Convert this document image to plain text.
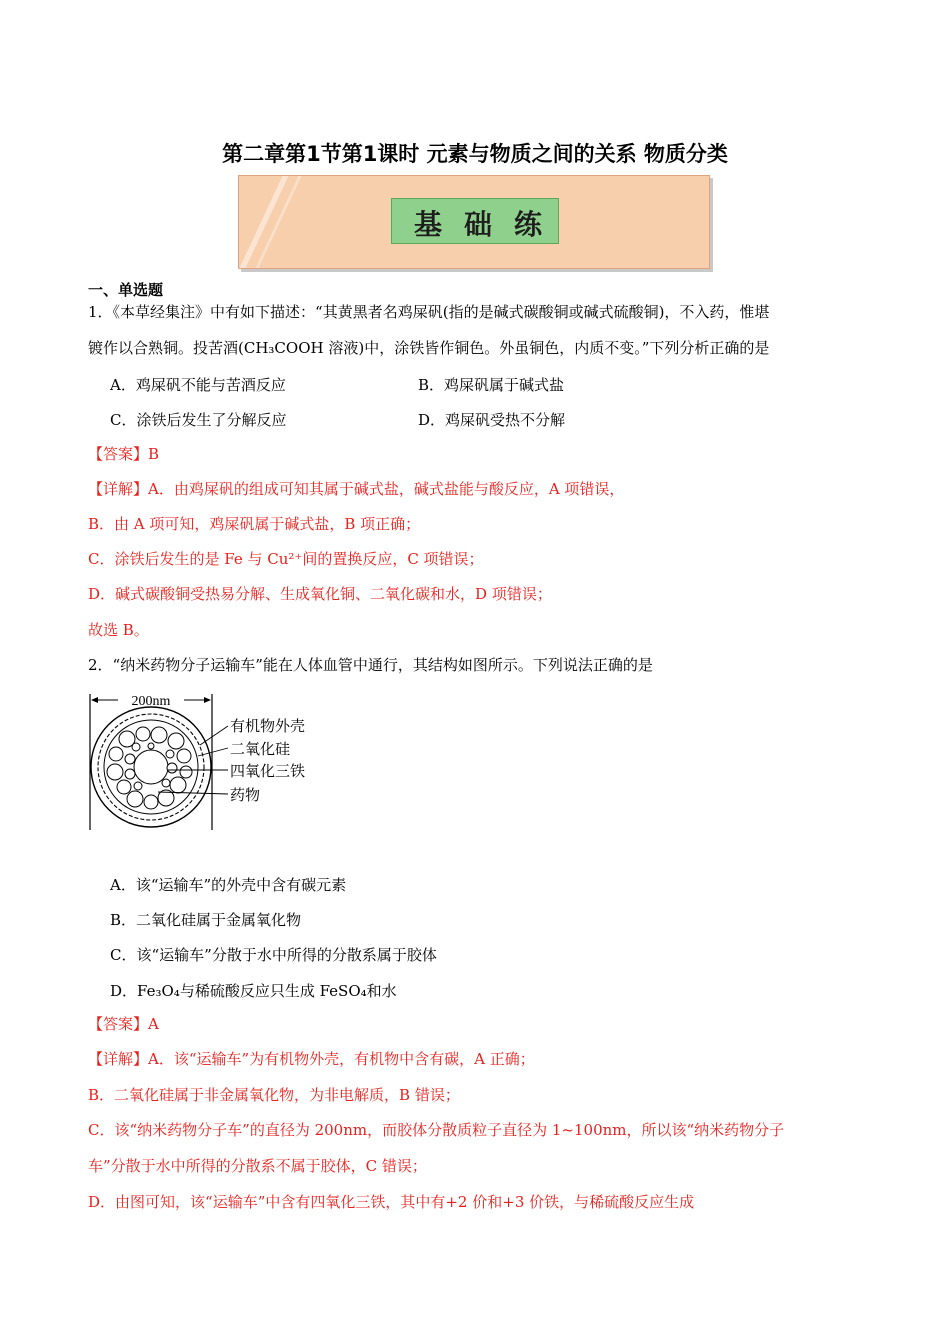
第二章第1节第1课时 元素与物质之间的关系 物质分类
基础练
一、单选题
1．《本草经集注》中有如下描述：“其黄黑者名鸡屎矾(指的是碱式碳酸铜或碱式硫酸铜)，不入药，惟堪
镀作以合熟铜。投苦酒(CH₃COOH 溶液)中，涂铁皆作铜色。外虽铜色，内质不变。”下列分析正确的是
A．鸡屎矾不能与苦酒反应	B．鸡屎矾属于碱式盐
C．涂铁后发生了分解反应	D．鸡屎矾受热不分解
【答案】B
【详解】A．由鸡屎矾的组成可知其属于碱式盐，碱式盐能与酸反应，A 项错误，
B．由 A 项可知，鸡屎矾属于碱式盐，B 项正确；
C．涂铁后发生的是 Fe 与 Cu²⁺间的置换反应，C 项错误；
D．碱式碳酸铜受热易分解、生成氧化铜、二氧化碳和水，D 项错误；
故选 B。
2．“纳米药物分子运输车”能在人体血管中通行，其结构如图所示。下列说法正确的是
200nm
有机物外壳
二氧化硅
四氧化三铁
药物
A．该“运输车”的外壳中含有碳元素
B．二氧化硅属于金属氧化物
C．该“运输车”分散于水中所得的分散系属于胶体
D．Fe₃O₄与稀硫酸反应只生成 FeSO₄和水
【答案】A
【详解】A．该“运输车”为有机物外壳，有机物中含有碳，A 正确；
B．二氧化硅属于非金属氧化物，为非电解质，B 错误；
C．该“纳米药物分子车”的直径为 200nm，而胶体分散质粒子直径为 1~100nm，所以该“纳米药物分子
车”分散于水中所得的分散系不属于胶体，C 错误；
D．由图可知，该“运输车”中含有四氧化三铁，其中有+2 价和+3 价铁，与稀硫酸反应生成
